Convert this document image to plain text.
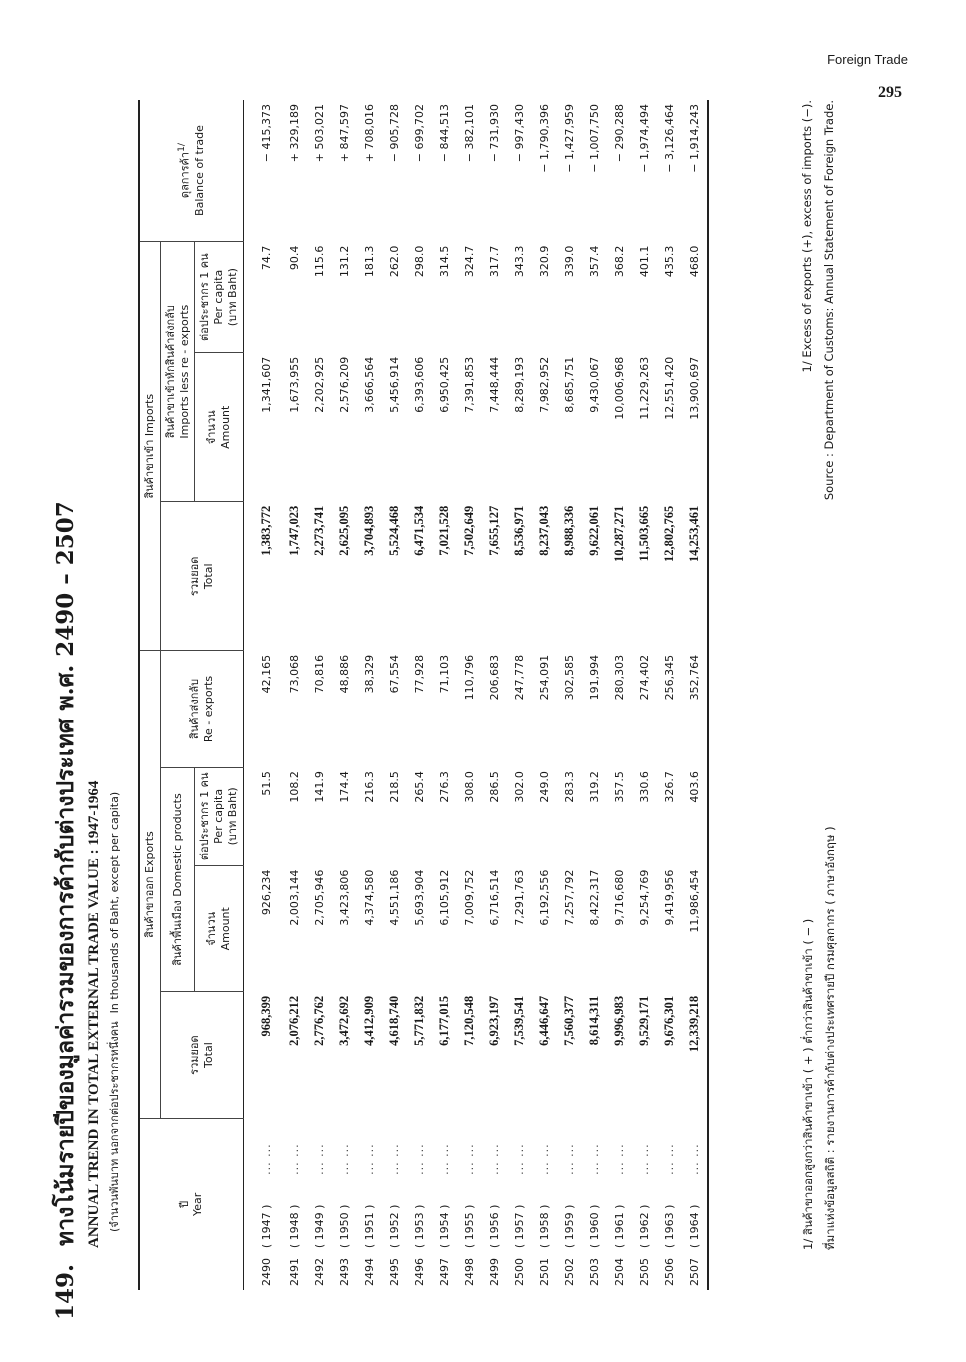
Foreign Trade
295
149.ทางโน้มรายปีของมูลค่ารวมของการค้ากับต่างประเทศ พ.ศ. 2490 – 2507 ANNUAL TREND IN TOTAL EXTERNAL TRADE VALUE : 1947-1964 (จำนวนพันบาท นอกจากต่อประชากรหนึ่งคนIn thousands of Baht, except per capita)
ปี Year			สินค้าขาออก Exports				สินค้าขาเข้า Imports			ดุลการค้า$^{1/}$ Balance of trade

			รวมยอด Total	สินค้าพื้นเมือง Domestic products		สินค้าส่งกลับ Re - exports	รวมยอด Total	สินค้าขาเข้าหักสินค้าส่งกลับ Imports less re - exports		

				จำนวน Amount	ต่อประชากร 1 คน Per capita (บาท Baht)			จำนวน Amount	ต่อประชากร 1 คน Per capita (บาท Baht)	

2490	( 1947 )	... ...	968,399	926,234	51.5	42,165	1,383,772	1,341,607	74.7	− 415,373
2491	( 1948 )	... ...	2,076,212	2,003,144	108.2	73,068	1,747,023	1,673,955	90.4	+ 329,189
2492	( 1949 )	... ...	2,776,762	2,705,946	141.9	70,816	2,273,741	2,202,925	115.6	+ 503,021
2493	( 1950 )	... ...	3,472,692	3,423,806	174.4	48,886	2,625,095	2,576,209	131.2	+ 847,597
2494	( 1951 )	... ...	4,412,909	4,374,580	216.3	38,329	3,704,893	3,666,564	181.3	+ 708,016
2495	( 1952 )	... ...	4,618,740	4,551,186	218.5	67,554	5,524,468	5,456,914	262.0	− 905,728
2496	( 1953 )	... ...	5,771,832	5,693,904	265.4	77,928	6,471,534	6,393,606	298.0	− 699,702
2497	( 1954 )	... ...	6,177,015	6,105,912	276.3	71,103	7,021,528	6,950,425	314.5	− 844,513
2498	( 1955 )	... ...	7,120,548	7,009,752	308.0	110,796	7,502,649	7,391,853	324.7	− 382,101
2499	( 1956 )	... ...	6,923,197	6,716,514	286.5	206,683	7,655,127	7,448,444	317.7	− 731,930
2500	( 1957 )	... ...	7,539,541	7,291,763	302.0	247,778	8,536,971	8,289,193	343.3	− 997,430
2501	( 1958 )	... ...	6,446,647	6,192,556	249.0	254,091	8,237,043	7,982,952	320.9	− 1,790,396
2502	( 1959 )	... ...	7,560,377	7,257,792	283.3	302,585	8,988,336	8,685,751	339.0	− 1,427,959
2503	( 1960 )	... ...	8,614,311	8,422,317	319.2	191,994	9,622,061	9,430,067	357.4	− 1,007,750
2504	( 1961 )	... ...	9,996,983	9,716,680	357.5	280,303	10,287,271	10,006,968	368.2	− 290,288
2505	( 1962 )	... ...	9,529,171	9,254,769	330.6	274,402	11,503,665	11,229,263	401.1	− 1,974,494
2506	( 1963 )	... ...	9,676,301	9,419,956	326.7	256,345	12,802,765	12,551,420	435.3	− 3,126,464
2507	( 1964 )	... ...	12,339,218	11,986,454	403.6	352,764	14,253,461	13,900,697	468.0	− 1,914,243
1/ สินค้าขาออกสูงกว่าสินค้าขาเข้า ( + ) ต่ำกว่าสินค้าขาเข้า ( − )
1/ Excess of exports (+), excess of imports (−).
ที่มาแห่งข้อมูลสถิติ : รายงานการค้ากับต่างประเทศรายปี กรมศุลกากร ( ภาษาอังกฤษ )
Source : Department of Customs: Annual Statement of Foreign Trade.
